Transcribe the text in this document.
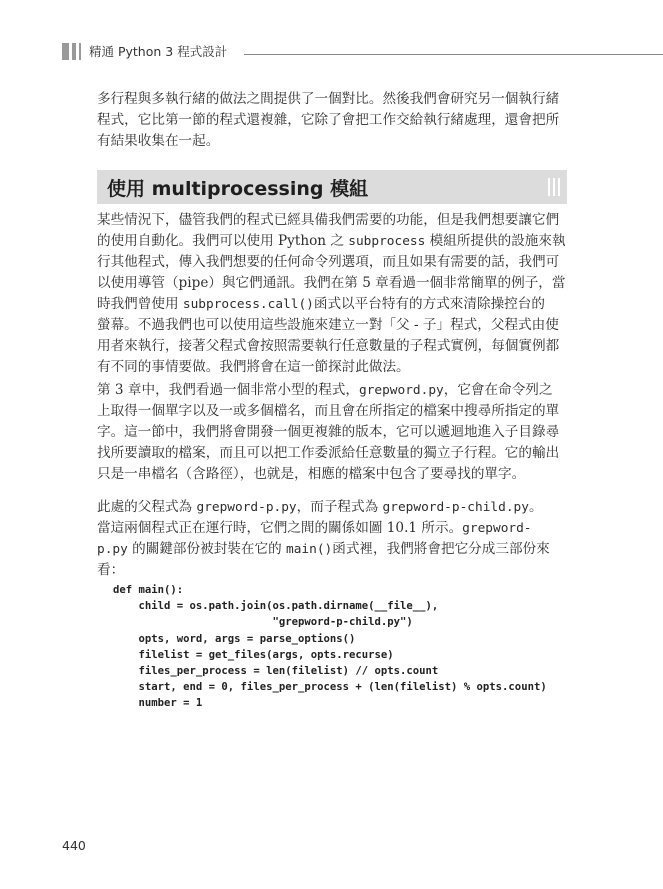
精通 Python 3 程式設計
多行程與多執行緒的做法之間提供了一個對比。然後我們會研究另一個執行緒
程式，它比第一節的程式還複雜，它除了會把工作交給執行緒處理，還會把所
有結果收集在一起。
使用 multiprocessing 模組
某些情況下，儘管我們的程式已經具備我們需要的功能，但是我們想要讓它們
的使用自動化。我們可以使用 Python 之 subprocess 模組所提供的設施來執
行其他程式，傳入我們想要的任何命令列選項，而且如果有需要的話，我們可
以使用導管（pipe）與它們通訊。我們在第 5 章看過一個非常簡單的例子，當
時我們曾使用 subprocess.call()函式以平台特有的方式來清除操控台的
螢幕。不過我們也可以使用這些設施來建立一對「父 - 子」程式，父程式由使
用者來執行，接著父程式會按照需要執行任意數量的子程式實例，每個實例都
有不同的事情要做。我們將會在這一節探討此做法。
第 3 章中，我們看過一個非常小型的程式，grepword.py，它會在命令列之
上取得一個單字以及一或多個檔名，而且會在所指定的檔案中搜尋所指定的單
字。這一節中，我們將會開發一個更複雜的版本，它可以遞迴地進入子目錄尋
找所要讀取的檔案，而且可以把工作委派給任意數量的獨立子行程。它的輸出
只是一串檔名（含路徑），也就是，相應的檔案中包含了要尋找的單字。
此處的父程式為 grepword-p.py，而子程式為 grepword-p-child.py。
當這兩個程式正在運行時，它們之間的關係如圖 10.1 所示。grepword-
p.py 的關鍵部份被封裝在它的 main()函式裡，我們將會把它分成三部份來
看：
def main():
child = os.path.join(os.path.dirname(__file__),
"grepword-p-child.py")
opts, word, args = parse_options()
filelist = get_files(args, opts.recurse)
files_per_process = len(filelist) // opts.count
start, end = 0, files_per_process + (len(filelist) % opts.count)
number = 1
440
